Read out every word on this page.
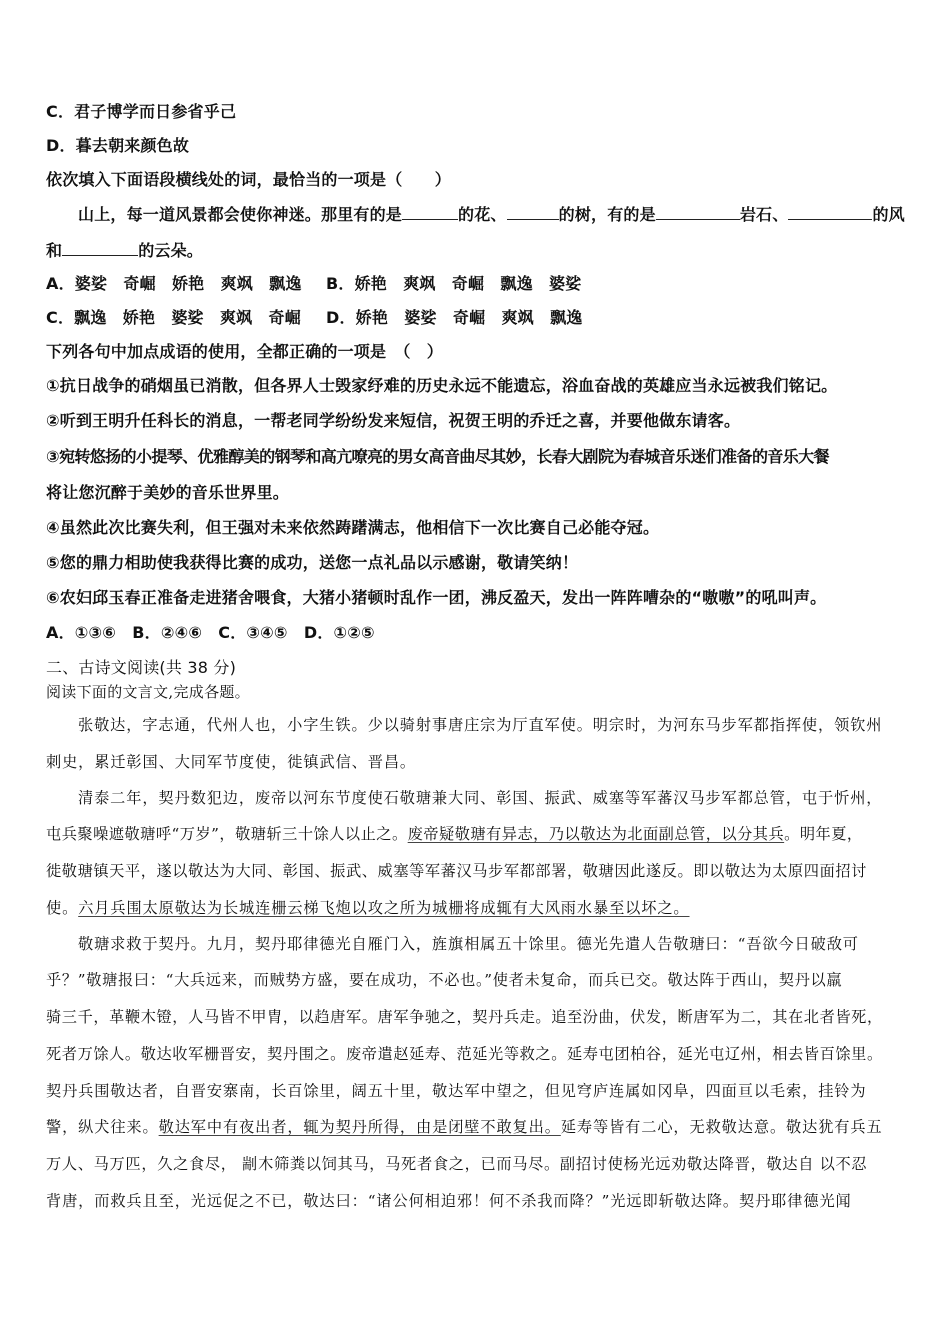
C．君子博学而日参省乎己
D．暮去朝来颜色故
依次填入下面语段横线处的词，最恰当的一项是（　　）
山上，每一道风景都会使你神迷。那里有的是	的花、	的树，有的是	岩石、	的风
和	的云朵。
A．婆娑　奇崛　娇艳　爽飒　飘逸 B．娇艳　爽飒　奇崛　飘逸　婆娑
C．飘逸　娇艳　婆娑　爽飒　奇崛 D．娇艳　婆娑　奇崛　爽飒　飘逸
下列各句中加点成语的使用，全都正确的一项是　（　）
①抗日战争的硝烟虽已消散，但各界人士毁家纾难的历史永远不能遗忘，浴血奋战的英雄应当永远被我们铭记。
②听到王明升任科长的消息，一帮老同学纷纷发来短信，祝贺王明的乔迁之喜，并要他做东请客。
③宛转悠扬的小提琴、优雅醇美的钢琴和高亢嘹亮的男女高音曲尽其妙，长春大剧院为春城音乐迷们准备的音乐大餐
将让您沉醉于美妙的音乐世界里。
④虽然此次比赛失利，但王强对未来依然踌躇满志，他相信下一次比赛自己必能夺冠。
⑤您的鼎力相助使我获得比赛的成功，送您一点礼品以示感谢，敬请笑纳！
⑥农妇邱玉春正准备走进猪舍喂食，大猪小猪顿时乱作一团，沸反盈天，发出一阵阵嘈杂的“嗷嗷”的吼叫声。
A．①③⑥　B．②④⑥　C．③④⑤　D．①②⑤
二、古诗文阅读(共 38 分)
阅读下面的文言文,完成各题。
张敬达，字志通，代州人也，小字生铁。少以骑射事唐庄宗为厅直军使。明宗时，为河东马步军都指挥使，领钦州
刺史，累迁彰国、大同军节度使，徙镇武信、晋昌。
清泰二年，契丹数犯边，废帝以河东节度使石敬瑭兼大同、彰国、振武、威塞等军蕃汉马步军都总管，屯于忻州，
屯兵聚噪遮敬瑭呼“万岁”，敬瑭斩三十馀人以止之。废帝疑敬瑭有异志，乃以敬达为北面副总管，以分其兵。明年夏，
徙敬瑭镇天平，遂以敬达为大同、彰国、振武、威塞等军蕃汉马步军都部署，敬瑭因此遂反。即以敬达为太原四面招讨
使。六月兵围太原敬达为长城连栅云梯飞炮以攻之所为城栅将成辄有大风雨水暴至以坏之。
敬瑭求救于契丹。九月，契丹耶律德光自雁门入，旌旗相属五十馀里。德光先遣人告敬瑭曰：“吾欲今日破敌可
乎？”敬瑭报曰：“大兵远来，而贼势方盛，要在成功，不必也。”使者未复命，而兵已交。敬达阵于西山，契丹以羸
骑三千，革鞭木镫，人马皆不甲胄，以趋唐军。唐军争驰之，契丹兵走。追至汾曲，伏发，断唐军为二，其在北者皆死，
死者万馀人。敬达收军栅晋安，契丹围之。废帝遣赵延寿、范延光等救之。延寿屯团柏谷，延光屯辽州，相去皆百馀里。
契丹兵围敬达者，自晋安寨南，长百馀里，阔五十里，敬达军中望之，但见穹庐连属如冈阜，四面亘以毛索，挂铃为
警，纵犬往来。敬达军中有夜出者，辄为契丹所得，由是闭壁不敢复出。延寿等皆有二心，无救敬达意。敬达犹有兵五
万人、马万匹，久之食尽， 剬木筛粪以饲其马，马死者食之，已而马尽。副招讨使杨光远劝敬达降晋，敬达自 以不忍
背唐，而救兵且至，光远促之不已，敬达曰：“诸公何相迫邪！何不杀我而降？”光远即斩敬达降。契丹耶律德光闻
